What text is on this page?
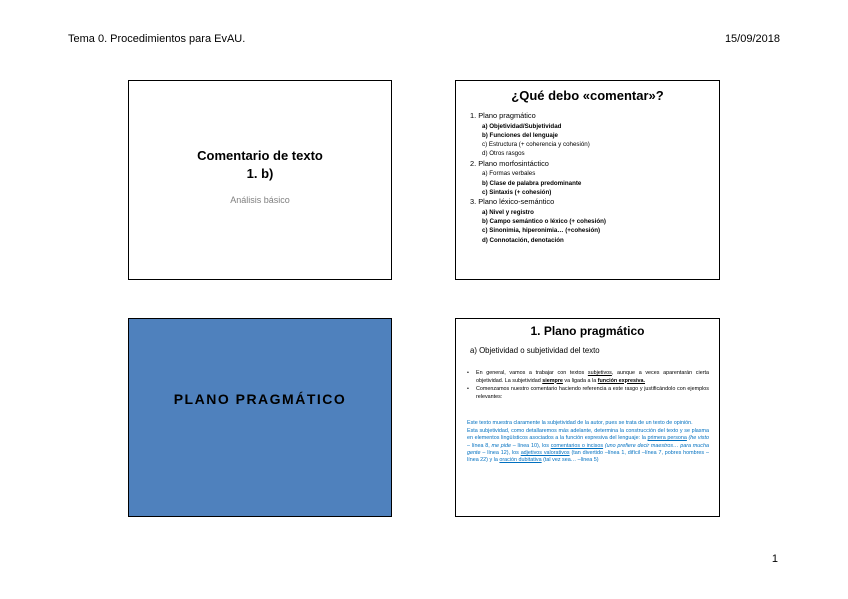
Tema 0. Procedimientos para EvAU.	15/09/2018
Comentario de texto
1. b)
Análisis básico
¿Qué debo «comentar»?
1. Plano pragmático
a) Objetividad/Subjetividad
b) Funciones del lenguaje
c) Estructura (+ coherencia y cohesión)
d) Otros rasgos
2. Plano morfosintáctico
a) Formas verbales
b) Clase de palabra predominante
c) Sintaxis (+ cohesión)
3. Plano léxico-semántico
a) Nivel y registro
b) Campo semántico o léxico (+ cohesión)
c) Sinonimia, hiperonimia… (+cohesión)
d) Connotación, denotación
PLANO PRAGMÁTICO
1. Plano pragmático
a) Objetividad o subjetividad del texto
•	En general, vamos a trabajar con textos subjetivos, aunque a veces aparentarán cierta objetividad. La subjetividad siempre va ligada a la función expresiva.
•	Comenzamos nuestro comentario haciendo referencia a este rasgo y justificándolo con ejemplos relevantes:

Este texto muestra claramente la subjetividad de la autor, pues se trata de un texto de opinión.

Esta subjetividad, como detallaremos más adelante, determina la construcción del texto y se plasma en elementos lingüísticos asociados a la función expresiva del lenguaje: la primera persona (he visto – línea 8, me pide – línea 10), los comentarios o incisos (uno prefiere decir maestros… para mucha gente – línea 12), los adjetivos valorativos (tan divertido –línea 1, difícil –línea 7, pobres hombres –línea 22) y la oración dubitativa (tal vez sea… –línea 5)

1
